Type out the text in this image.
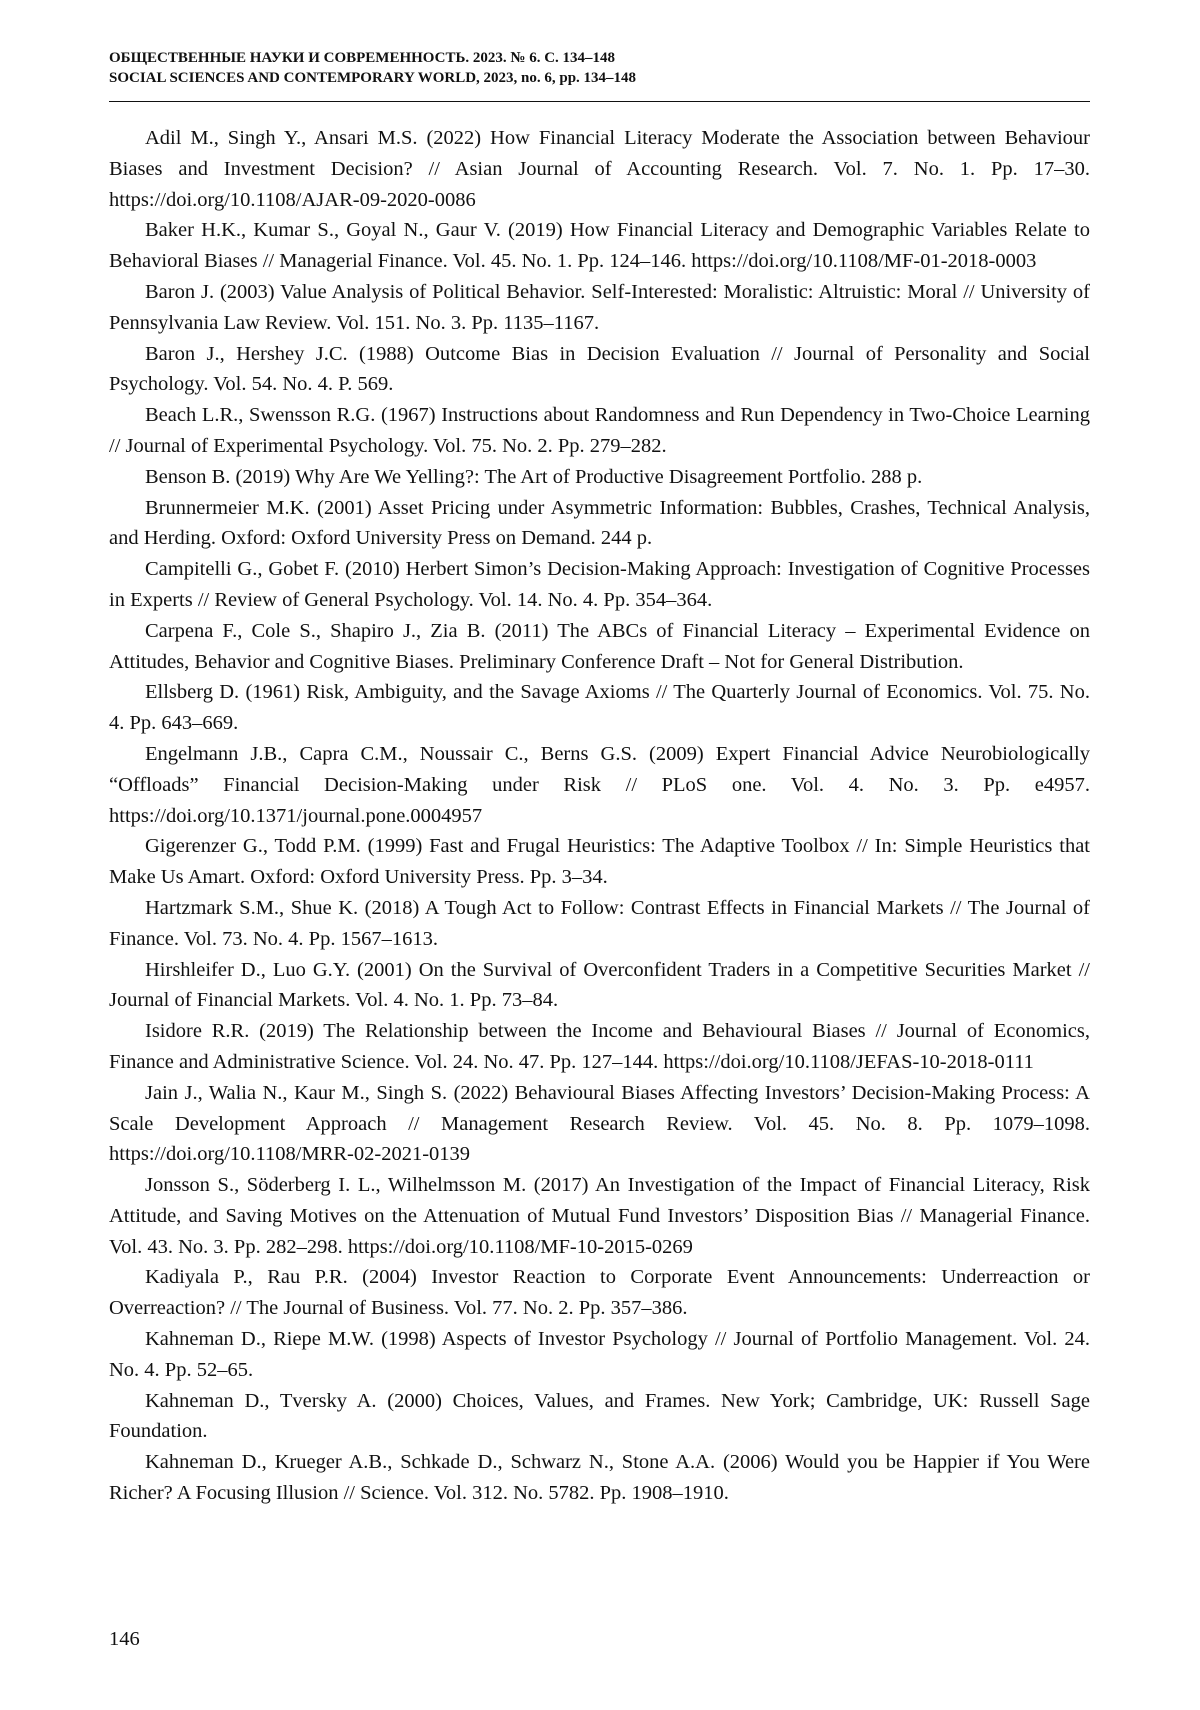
ОБЩЕСТВЕННЫЕ НАУКИ И СОВРЕМЕННОСТЬ. 2023. № 6. С. 134–148
SOCIAL SCIENCES AND CONTEMPORARY WORLD, 2023, no. 6, pp. 134–148

Adil M., Singh Y., Ansari M.S. (2022) How Financial Literacy Moderate the Association between Behaviour Biases and Investment Decision? // Asian Journal of Accounting Research. Vol. 7. No. 1. Pp. 17–30. https://doi.org/10.1108/AJAR-09-2020-0086

Baker H.K., Kumar S., Goyal N., Gaur V. (2019) How Financial Literacy and Demographic Variables Relate to Behavioral Biases // Managerial Finance. Vol. 45. No. 1. Pp. 124–146. https://doi.org/10.1108/MF-01-2018-0003

Baron J. (2003) Value Analysis of Political Behavior. Self-Interested: Moralistic: Altruistic: Moral // University of Pennsylvania Law Review. Vol. 151. No. 3. Pp. 1135–1167.

Baron J., Hershey J.C. (1988) Outcome Bias in Decision Evaluation // Journal of Personality and Social Psychology. Vol. 54. No. 4. P. 569.

Beach L.R., Swensson R.G. (1967) Instructions about Randomness and Run Dependency in Two-Choice Learning // Journal of Experimental Psychology. Vol. 75. No. 2. Pp. 279–282.

Benson B. (2019) Why Are We Yelling?: The Art of Productive Disagreement Portfolio. 288 p.

Brunnermeier M.K. (2001) Asset Pricing under Asymmetric Information: Bubbles, Crashes, Technical Analysis, and Herding. Oxford: Oxford University Press on Demand. 244 p.

Campitelli G., Gobet F. (2010) Herbert Simon’s Decision-Making Approach: Investigation of Cognitive Processes in Experts // Review of General Psychology. Vol. 14. No. 4. Pp. 354–364.

Carpena F., Cole S., Shapiro J., Zia B. (2011) The ABCs of Financial Literacy – Experimental Evidence on Attitudes, Behavior and Cognitive Biases. Preliminary Conference Draft – Not for General Distribution.

Ellsberg D. (1961) Risk, Ambiguity, and the Savage Axioms // The Quarterly Journal of Economics. Vol. 75. No. 4. Pp. 643–669.

Engelmann J.B., Capra C.M., Noussair C., Berns G.S. (2009) Expert Financial Advice Neurobiologically “Offloads” Financial Decision-Making under Risk // PLoS one. Vol. 4. No. 3. Pp. e4957. https://doi.org/10.1371/journal.pone.0004957

Gigerenzer G., Todd P.M. (1999) Fast and Frugal Heuristics: The Adaptive Toolbox // In: Simple Heuristics that Make Us Amart. Oxford: Oxford University Press. Pp. 3–34.

Hartzmark S.M., Shue K. (2018) A Tough Act to Follow: Contrast Effects in Financial Markets // The Journal of Finance. Vol. 73. No. 4. Pp. 1567–1613.

Hirshleifer D., Luo G.Y. (2001) On the Survival of Overconfident Traders in a Competitive Securities Market // Journal of Financial Markets. Vol. 4. No. 1. Pp. 73–84.

Isidore R.R. (2019) The Relationship between the Income and Behavioural Biases // Journal of Economics, Finance and Administrative Science. Vol. 24. No. 47. Pp. 127–144. https://doi.org/10.1108/JEFAS-10-2018-0111

Jain J., Walia N., Kaur M., Singh S. (2022) Behavioural Biases Affecting Investors’ Decision-Making Process: A Scale Development Approach // Management Research Review. Vol. 45. No. 8. Pp. 1079–1098. https://doi.org/10.1108/MRR-02-2021-0139

Jonsson S., Söderberg I. L., Wilhelmsson M. (2017) An Investigation of the Impact of Financial Literacy, Risk Attitude, and Saving Motives on the Attenuation of Mutual Fund Investors’ Disposition Bias // Managerial Finance. Vol. 43. No. 3. Pp. 282–298. https://doi.org/10.1108/MF-10-2015-0269

Kadiyala P., Rau P.R. (2004) Investor Reaction to Corporate Event Announcements: Underreaction or Overreaction? // The Journal of Business. Vol. 77. No. 2. Pp. 357–386.

Kahneman D., Riepe M.W. (1998) Aspects of Investor Psychology // Journal of Portfolio Management. Vol. 24. No. 4. Pp. 52–65.

Kahneman D., Tversky A. (2000) Choices, Values, and Frames. New York; Cambridge, UK: Russell Sage Foundation.

Kahneman D., Krueger A.B., Schkade D., Schwarz N., Stone A.A. (2006) Would you be Happier if You Were Richer? A Focusing Illusion // Science. Vol. 312. No. 5782. Pp. 1908–1910.

146
